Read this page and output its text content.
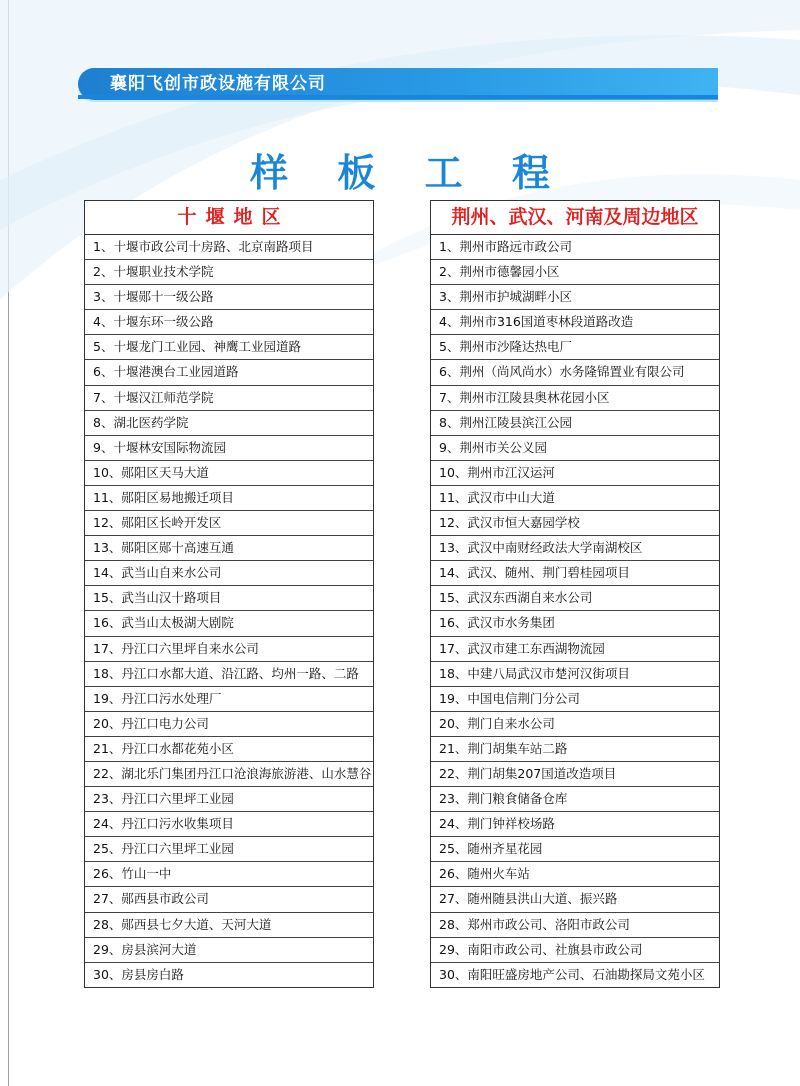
襄阳飞创市政设施有限公司
样 板 工 程
十堰地区
1、十堰市政公司十房路、北京南路项目
2、十堰职业技术学院
3、十堰郧十一级公路
4、十堰东环一级公路
5、十堰龙门工业园、神鹰工业园道路
6、十堰港澳台工业园道路
7、十堰汉江师范学院
8、湖北医药学院
9、十堰林安国际物流园
10、郧阳区天马大道
11、郧阳区易地搬迁项目
12、郧阳区长岭开发区
13、郧阳区郧十高速互通
14、武当山自来水公司
15、武当山汉十路项目
16、武当山太极湖大剧院
17、丹江口六里坪自来水公司
18、丹江口水都大道、沿江路、均州一路、二路
19、丹江口污水处理厂
20、丹江口电力公司
21、丹江口水都花苑小区
22、湖北乐门集团丹江口沧浪海旅游港、山水慧谷
23、丹江口六里坪工业园
24、丹江口污水收集项目
25、丹江口六里坪工业园
26、竹山一中
27、郧西县市政公司
28、郧西县七夕大道、天河大道
29、房县滨河大道
30、房县房白路
荆州、武汉、河南及周边地区
1、荆州市路远市政公司
2、荆州市德馨园小区
3、荆州市护城湖畔小区
4、荆州市316国道枣林段道路改造
5、荆州市沙隆达热电厂
6、荆州（尚风尚水）水务隆锦置业有限公司
7、荆州市江陵县奥林花园小区
8、荆州江陵县滨江公园
9、荆州市关公义园
10、荆州市江汉运河
11、武汉市中山大道
12、武汉市恒大嘉园学校
13、武汉中南财经政法大学南湖校区
14、武汉、随州、荆门碧桂园项目
15、武汉东西湖自来水公司
16、武汉市水务集团
17、武汉市建工东西湖物流园
18、中建八局武汉市楚河汉街项目
19、中国电信荆门分公司
20、荆门自来水公司
21、荆门胡集车站二路
22、荆门胡集207国道改造项目
23、荆门粮食储备仓库
24、荆门钟祥校场路
25、随州齐星花园
26、随州火车站
27、随州随县洪山大道、振兴路
28、郑州市政公司、洛阳市政公司
29、南阳市政公司、社旗县市政公司
30、南阳旺盛房地产公司、石油勘探局文苑小区
